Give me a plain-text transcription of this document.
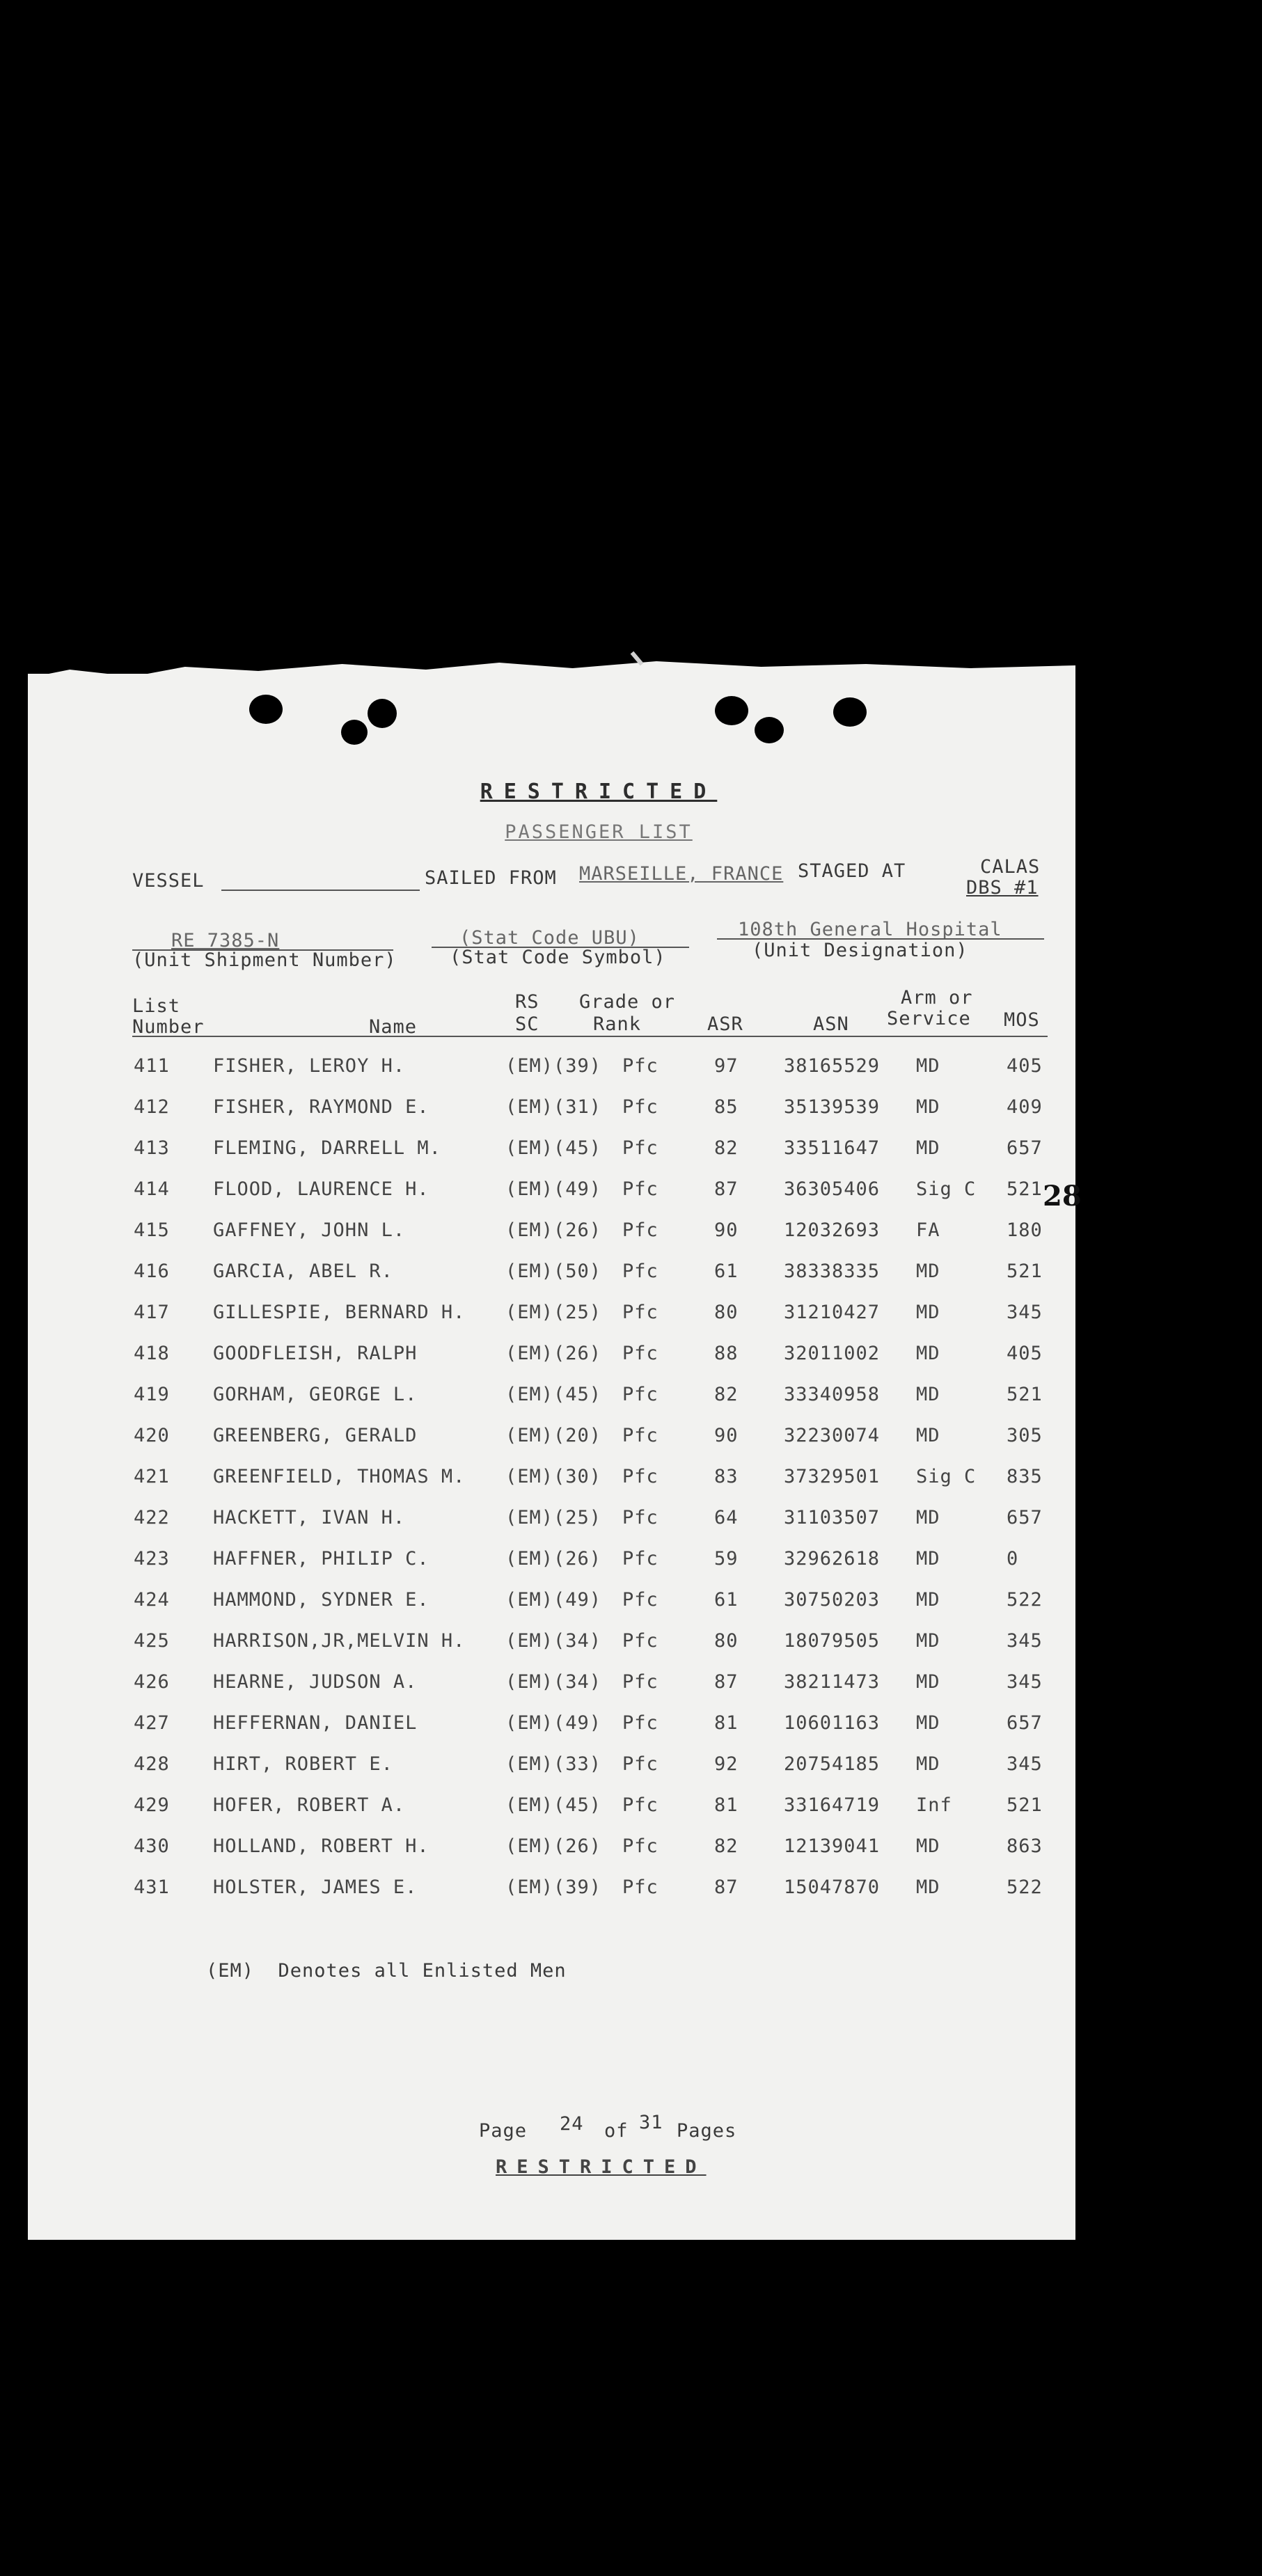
RESTRICTED
PASSENGER LIST
VESSEL	SAILED FROM MARSEILLE, FRANCE STAGED AT	CALAS
DBS #1
RE 7385-N
(Unit Shipment Number)
(Stat Code UBU)
(Stat Code Symbol)
108th General Hospital
(Unit Designation)
List
Number	Name
RS
SC
Grade or
Rank	ASR	ASN
Arm or
Service MOS
411 FISHER, LEROY H.	(EM)(39) Pfc	97 38165529 MD	405
412 FISHER, RAYMOND E.	(EM)(31) Pfc	85 35139539 MD	409
413 FLEMING, DARRELL M.	(EM)(45) Pfc	82 33511647 MD	657
414 FLOOD, LAURENCE H.	(EM)(49) Pfc	87 36305406 Sig C 521
415 GAFFNEY, JOHN L.	(EM)(26) Pfc	90 12032693 FA	180
416 GARCIA, ABEL R.	(EM)(50) Pfc	61 38338335 MD	521
417 GILLESPIE, BERNARD H. (EM)(25) Pfc	80 31210427 MD	345
418 GOODFLEISH, RALPH	(EM)(26) Pfc	88 32011002 MD	405
419 GORHAM, GEORGE L.	(EM)(45) Pfc	82 33340958 MD	521
420 GREENBERG, GERALD	(EM)(20) Pfc	90 32230074 MD	305
421 GREENFIELD, THOMAS M. (EM)(30) Pfc	83 37329501 Sig C 835
422 HACKETT, IVAN H.	(EM)(25) Pfc	64 31103507 MD	657
423 HAFFNER, PHILIP C.	(EM)(26) Pfc	59 32962618 MD	0
424 HAMMOND, SYDNER E.	(EM)(49) Pfc	61 30750203 MD	522
425 HARRISON,JR,MELVIN H. (EM)(34) Pfc	80 18079505 MD	345
426 HEARNE, JUDSON A.	(EM)(34) Pfc	87 38211473 MD	345
427 HEFFERNAN, DANIEL	(EM)(49) Pfc	81 10601163 MD	657
428 HIRT, ROBERT E.	(EM)(33) Pfc	92 20754185 MD	345
429 HOFER, ROBERT A.	(EM)(45) Pfc	81 33164719 Inf	521
430 HOLLAND, ROBERT H.	(EM)(26) Pfc	82 12139041 MD	863
431 HOLSTER, JAMES E.	(EM)(39) Pfc	87 15047870 MD	522
(EM)  Denotes all Enlisted Men
Page 24 of 31 Pages
RESTRICTED
28
